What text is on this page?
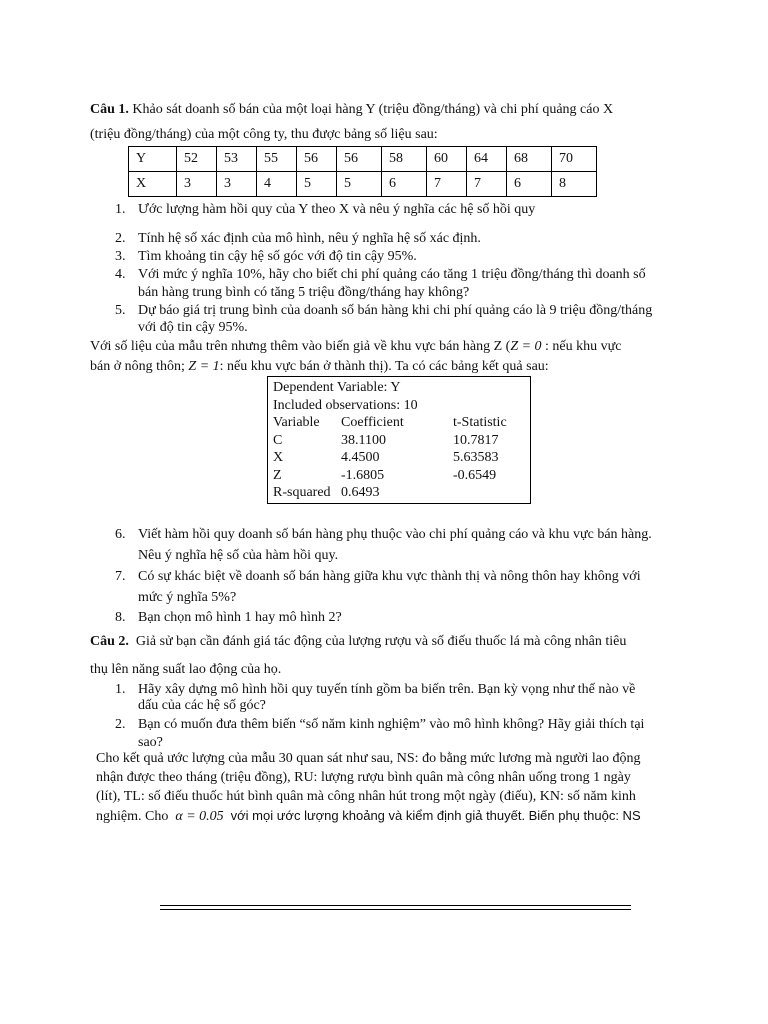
Câu 1. Khảo sát doanh số bán của một loại hàng Y (triệu đồng/tháng) và chi phí quảng cáo X
(triệu đồng/tháng) của một công ty, thu được bảng số liệu sau:
Y	52	53	55	56	56	58	60	64	68	70
X	3	3	4	5	5	6	7	7	6	8
1. Ước lượng hàm hồi quy của Y theo X và nêu ý nghĩa các hệ số hồi quy
2. Tính hệ số xác định của mô hình, nêu ý nghĩa hệ số xác định.
3. Tìm khoảng tin cậy hệ số góc với độ tin cậy 95%.
4. Với mức ý nghĩa 10%, hãy cho biết chi phí quảng cáo tăng 1 triệu đồng/tháng thì doanh số
bán hàng trung bình có tăng 5 triệu đồng/tháng hay không?
5. Dự báo giá trị trung bình của doanh số bán hàng khi chi phí quảng cáo là 9 triệu đồng/tháng
với độ tin cậy 95%.
Với số liệu của mẫu trên nhưng thêm vào biến giả về khu vực bán hàng Z (Z = 0 : nếu khu vực
bán ở nông thôn; Z = 1: nếu khu vực bán ở thành thị). Ta có các bảng kết quả sau:
Dependent Variable: Y
Included observations: 10
Variable Coefficient	t-Statistic
C	38.1100	10.7817
X	4.4500	5.63583
Z	-1.6805	-0.6549
R-squared   0.6493
6. Viết hàm hồi quy doanh số bán hàng phụ thuộc vào chi phí quảng cáo và khu vực bán hàng.
Nêu ý nghĩa hệ số của hàm hồi quy.
7. Có sự khác biệt về doanh số bán hàng giữa khu vực thành thị và nông thôn hay không với
mức ý nghĩa 5%?
8. Bạn chọn mô hình 1 hay mô hình 2?
Câu 2. Giả sử bạn cần đánh giá tác động của lượng rượu và số điếu thuốc lá mà công nhân tiêu
thụ lên năng suất lao động của họ.
1. Hãy xây dựng mô hình hồi quy tuyến tính gồm ba biến trên. Bạn kỳ vọng như thế nào về
dấu của các hệ số góc?
2. Bạn có muốn đưa thêm biến “số năm kinh nghiệm” vào mô hình không? Hãy giải thích tại
sao?
Cho kết quả ước lượng của mẫu 30 quan sát như sau, NS: đo bằng mức lương mà người lao động
nhận được theo tháng (triệu đồng), RU: lượng rượu bình quân mà công nhân uống trong 1 ngày
(lít), TL: số điếu thuốc hút bình quân mà công nhân hút trong một ngày (điếu), KN: số năm kinh
nghiệm. Cho α = 0.05 với mọi ước lượng khoảng và kiểm định giả thuyết. Biến phụ thuộc: NS
